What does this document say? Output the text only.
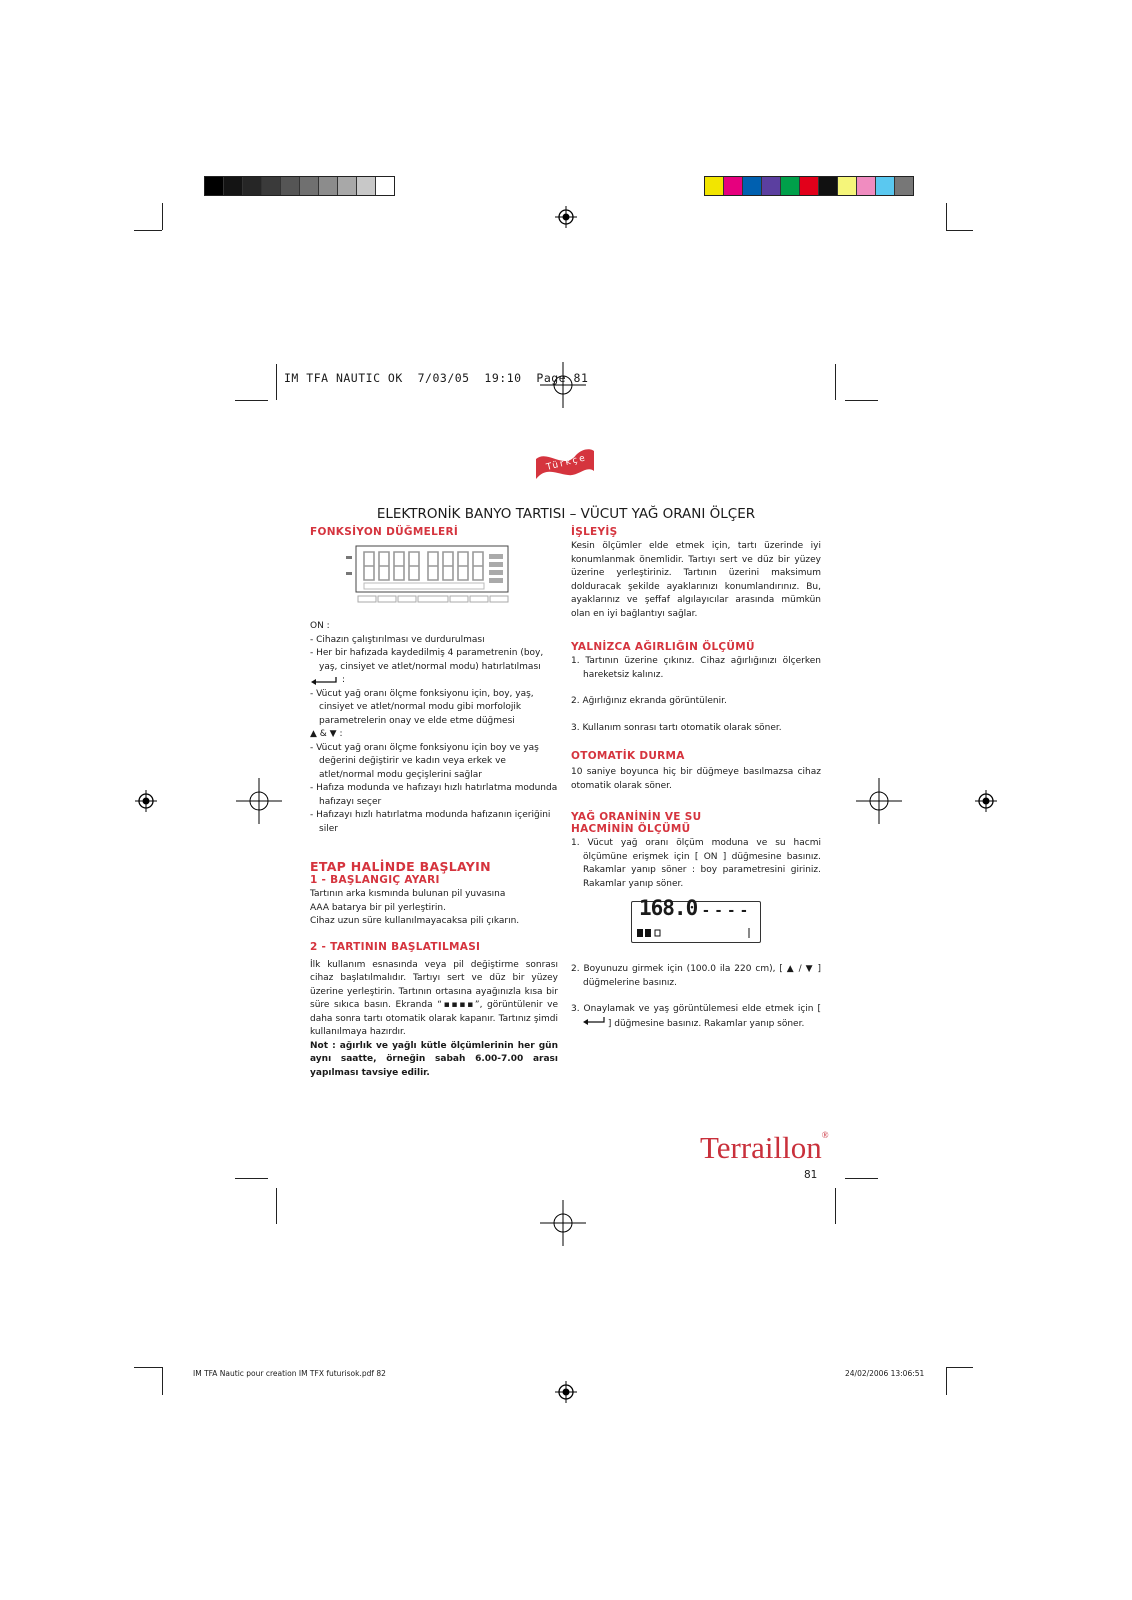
IM TFA NAUTIC OK  7/03/05  19:10  Page 81
Türkçe
ELEKTRONİK BANYO TARTISI – VÜCUT YAĞ ORANI ÖLÇER
FONKSİYON DÜĞMELERİ
ON :
- Cihazın çalıştırılması ve durdurulması
- Her bir hafızada kaydedilmiş 4 parametrenin (boy, yaş, cinsiyet ve atlet/normal modu) hatırlatılması
:
- Vücut yağ oranı ölçme fonksiyonu için, boy, yaş, cinsiyet ve atlet/normal modu gibi morfolojik parametrelerin onay ve elde etme düğmesi
▲ & ▼ :
- Vücut yağ oranı ölçme fonksiyonu için boy ve yaş değerini değiştirir ve kadın veya erkek ve atlet/normal modu geçişlerini sağlar
- Hafıza modunda ve hafızayı hızlı hatırlatma modunda hafızayı seçer
- Hafızayı hızlı hatırlatma modunda hafızanın içeriğini siler
ETAP HALİNDE BAŞLAYIN
1 - BAŞLANGIÇ AYARI
Tartının arka kısmında bulunan pil yuvasına
AAA batarya bir pil yerleştirin.
Cihaz uzun süre kullanılmayacaksa pili çıkarın.
2 - TARTININ BAŞLATILMASI

İlk kullanım esnasında veya pil değiştirme sonrası cihaz başlatılmalıdır. Tartıyı sert ve düz bir yüzey üzerine yerleştirin. Tartının ortasına ayağınızla kısa bir süre sıkıca basın. Ekranda “▪▪▪▪”, görüntülenir ve daha sonra tartı otomatik olarak kapanır. Tartınız şimdi kullanılmaya hazırdır.

Not : ağırlık ve yağlı kütle ölçümlerinin her gün aynı saatte, örneğin sabah 6.00-7.00 arası yapılması tavsiye edilir.

İŞLEYİŞ

Kesin ölçümler elde etmek için, tartı üzerinde iyi konumlanmak önemlidir. Tartıyı sert ve düz bir yüzey üzerine yerleştiriniz. Tartının üzerini maksimum dolduracak şekilde ayaklarınızı konumlandırınız. Bu, ayaklarınız ve şeffaf algılayıcılar arasında mümkün olan en iyi bağlantıyı sağlar.

YALNİZCA AĞIRLIĞIN ÖLÇÜMÜ
1. Tartının üzerine çıkınız. Cihaz ağırlığınızı ölçerken hareketsiz kalınız.
2. Ağırlığınız ekranda görüntülenir.
3. Kullanım sonrası tartı otomatik olarak söner.
OTOMATİK DURMA

10 saniye boyunca hiç bir düğmeye basılmazsa cihaz otomatik olarak söner.

YAĞ ORANİNİN VE SU HACMİNİN ÖLÇÜMÜ
1. Vücut yağ oranı ölçüm moduna ve su hacmi ölçümüne erişmek için [ ON ] düğmesine basınız. Rakamlar yanıp söner : boy parametresini giriniz. Rakamlar yanıp söner.
168.0 - - - -
2. Boyunuzu girmek için (100.0 ila 220 cm), [ ▲ / ▼ ] düğmelerine basınız.
3. Onaylamak ve yaş görüntülemesi elde etmek için [  ] düğmesine basınız. Rakamlar yanıp söner.
Terraillon®
81
IM TFA Nautic pour creation IM TFX futurisok.pdf 82	24/02/2006 13:06:51
